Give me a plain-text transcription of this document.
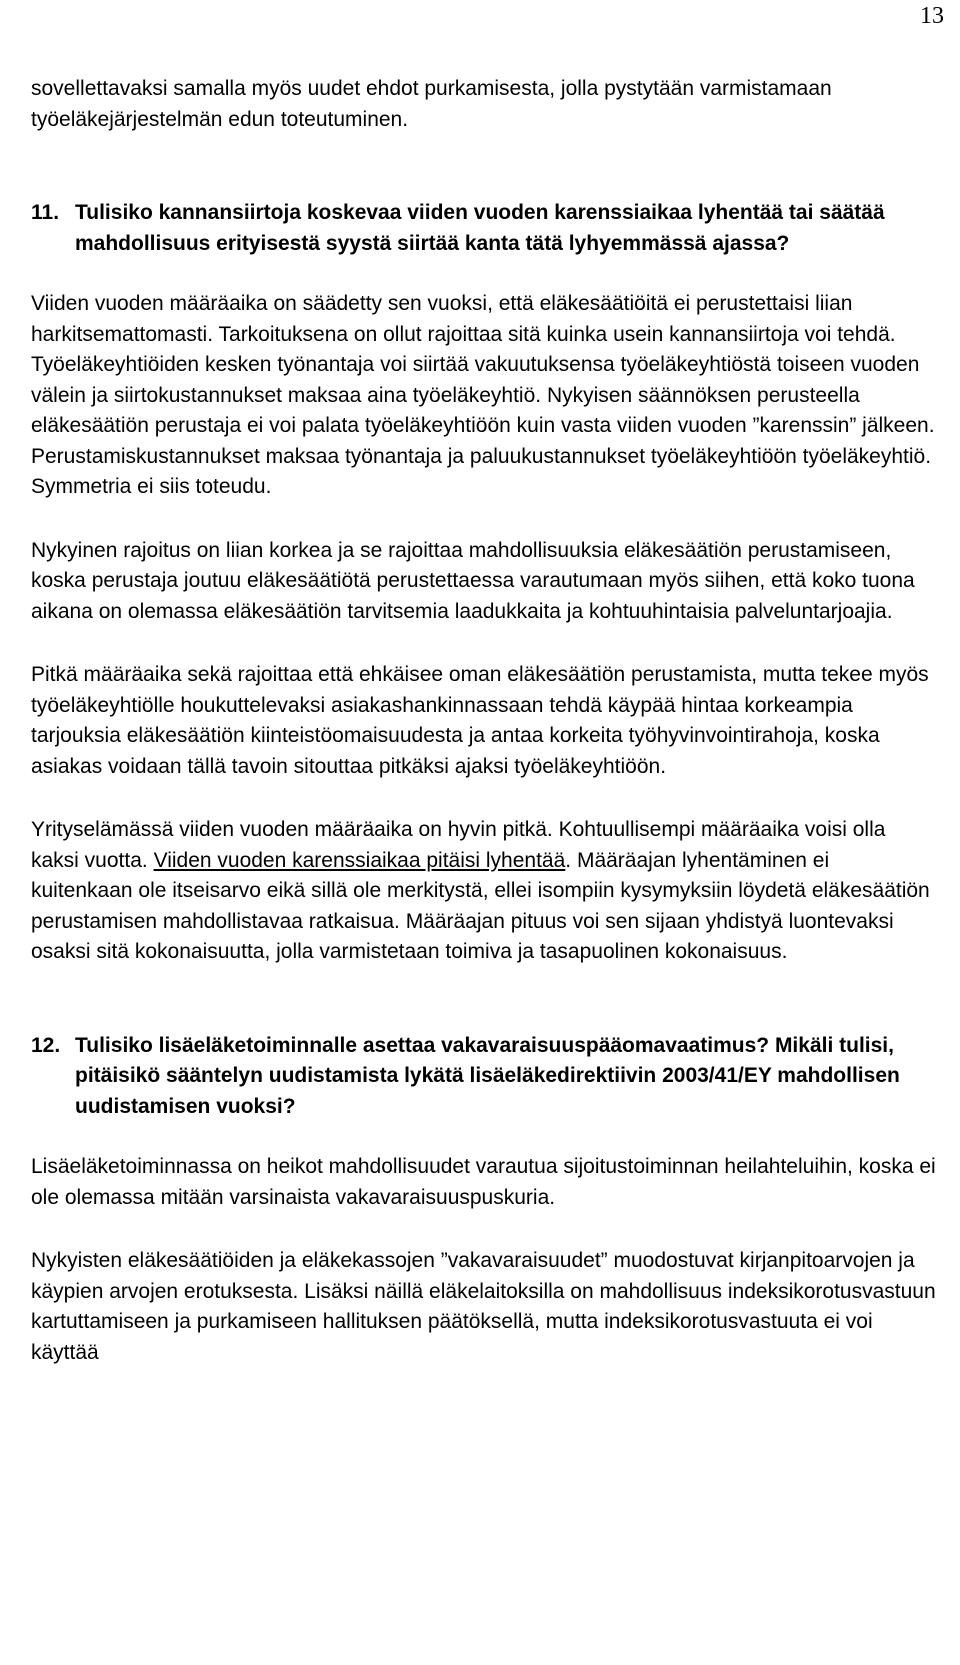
13

sovellettavaksi samalla myös uudet ehdot purkamisesta, jolla pystytään varmistamaan työeläkejärjestelmän edun toteutuminen.

11. Tulisiko kannansiirtoja koskevaa viiden vuoden karenssiaikaa lyhentää tai säätää mahdollisuus erityisestä syystä siirtää kanta tätä lyhyemmässä ajassa?

Viiden vuoden määräaika on säädetty sen vuoksi, että eläkesäätiöitä ei perustettaisi liian harkitsemattomasti. Tarkoituksena on ollut rajoittaa sitä kuinka usein kannansiirtoja voi tehdä. Työeläkeyhtiöiden kesken työnantaja voi siirtää vakuutuksensa työeläkeyhtiöstä toiseen vuoden välein ja siirtokustannukset maksaa aina työeläkeyhtiö. Nykyisen säännöksen perusteella eläkesäätiön perustaja ei voi palata työeläkeyhtiöön kuin vasta viiden vuoden ”karenssin” jälkeen. Perustamiskustannukset maksaa työnantaja ja paluukustannukset työeläkeyhtiöön työeläkeyhtiö. Symmetria ei siis toteudu.

Nykyinen rajoitus on liian korkea ja se rajoittaa mahdollisuuksia eläkesäätiön perustamiseen, koska perustaja joutuu eläkesäätiötä perustettaessa varautumaan myös siihen, että koko tuona aikana on olemassa eläkesäätiön tarvitsemia laadukkaita ja kohtuuhintaisia palveluntarjoajia.

Pitkä määräaika sekä rajoittaa että ehkäisee oman eläkesäätiön perustamista, mutta tekee myös työeläkeyhtiölle houkuttelevaksi asiakashankinnassaan tehdä käypää hintaa korkeampia tarjouksia eläkesäätiön kiinteistöomaisuudesta ja antaa korkeita työhyvinvointirahoja, koska asiakas voidaan tällä tavoin sitouttaa pitkäksi ajaksi työeläkeyhtiöön.

Yrityselämässä viiden vuoden määräaika on hyvin pitkä. Kohtuullisempi määräaika voisi olla kaksi vuotta. Viiden vuoden karenssiaikaa pitäisi lyhentää. Määräajan lyhentäminen ei kuitenkaan ole itseisarvo eikä sillä ole merkitystä, ellei isompiin kysymyksiin löydetä eläkesäätiön perustamisen mahdollistavaa ratkaisua. Määräajan pituus voi sen sijaan yhdistyä luontevaksi osaksi sitä kokonaisuutta, jolla varmistetaan toimiva ja tasapuolinen kokonaisuus.

12. Tulisiko lisäeläketoiminnalle asettaa vakavaraisuuspääomavaatimus? Mikäli tulisi, pitäisikö sääntelyn uudistamista lykätä lisäeläkedirektiivin 2003/41/EY mahdollisen uudistamisen vuoksi?

Lisäeläketoiminnassa on heikot mahdollisuudet varautua sijoitustoiminnan heilahteluihin, koska ei ole olemassa mitään varsinaista vakavaraisuuspuskuria.

Nykyisten eläkesäätiöiden ja eläkekassojen ”vakavaraisuudet” muodostuvat kirjanpitoarvojen ja käypien arvojen erotuksesta. Lisäksi näillä eläkelaitoksilla on mahdollisuus indeksikorotusvastuun kartuttamiseen ja purkamiseen hallituksen päätöksellä, mutta indeksikorotusvastuuta ei voi käyttää
